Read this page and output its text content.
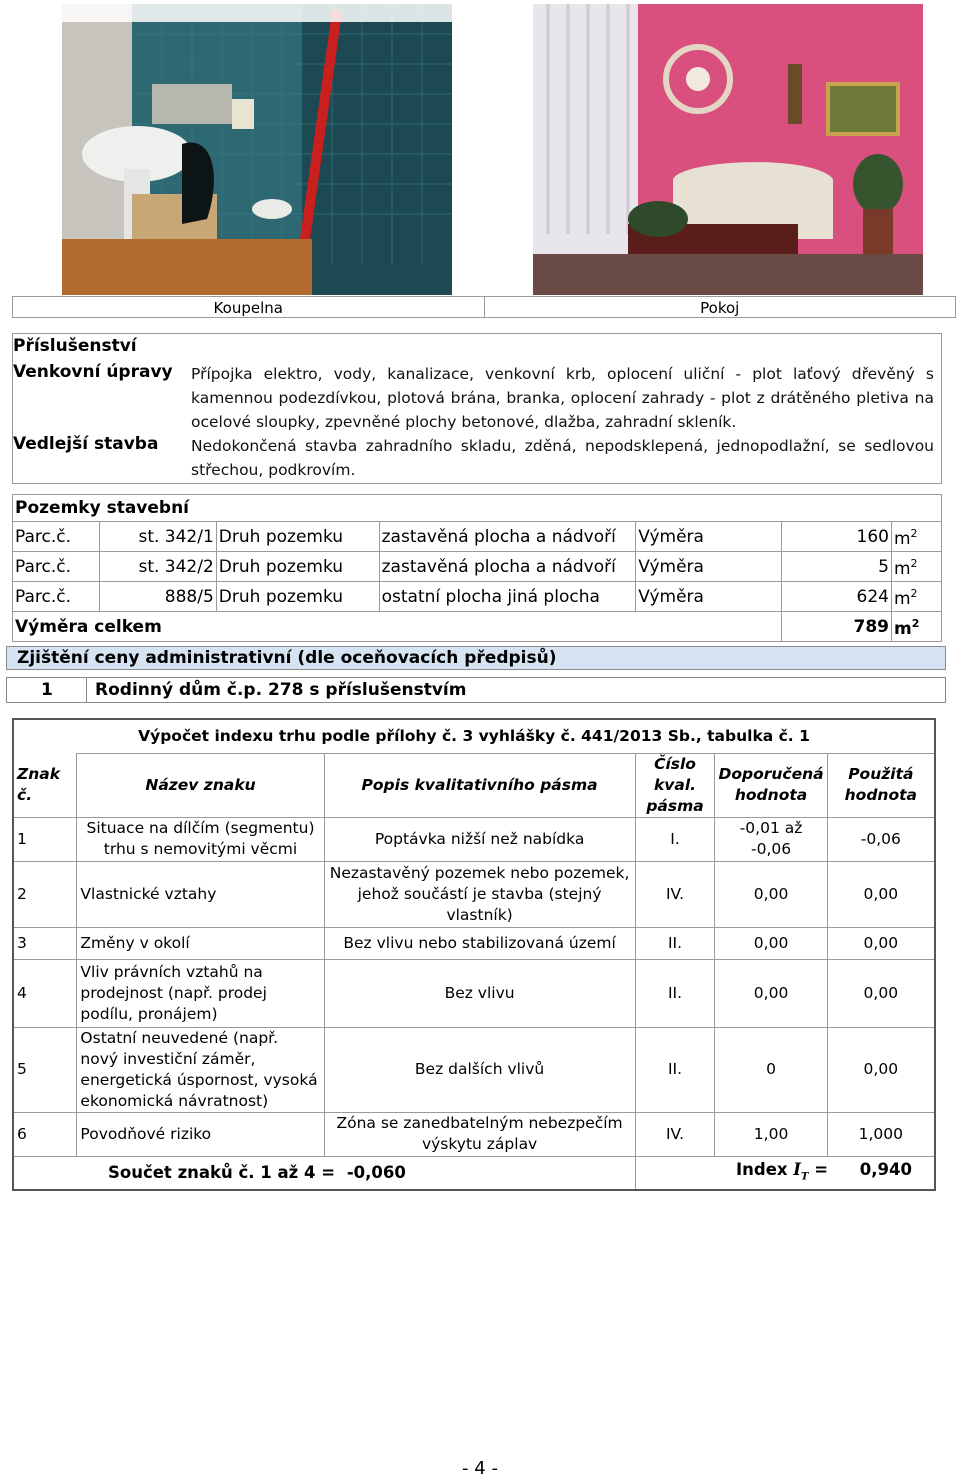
Koupelna	Pokoj
Příslušenství
Venkovní úpravy Přípojka elektro, vody, kanalizace, venkovní krb, oplocení uliční - plot laťový dřevěný s kamennou podezdívkou, plotová brána, branka, oplocení zahrady - plot z drátěného pletiva na ocelové sloupky, zpevněné plochy betonové, dlažba, zahradní skleník.
Vedlejší stavba Nedokončená stavba zahradního skladu, zděná, nepodsklepená, jednopodlažní, se sedlovou střechou, podkrovím.
Pozemky stavební						
Parc.č.	st. 342/1	Druh pozemku	zastavěná plocha a nádvoří	Výměra	160	$m^2$
Parc.č.	st. 342/2	Druh pozemku	zastavěná plocha a nádvoří	Výměra	5	$m^2$
Parc.č.	888/5	Druh pozemku	ostatní plocha jiná plocha	Výměra	624	$m^2$
Výměra celkem					789	$m^2$
Zjištění ceny administrativní (dle oceňovacích předpisů)
1	Rodinný dům č.p. 278 s příslušenstvím
Výpočet indexu trhu podle přílohy č. 3 vyhlášky č. 441/2013 Sb., tabulka č. 1					
Znak č.	Název znaku	Popis kvalitativního pásma	Číslo kval. pásma	Doporučená hodnota	Použitá hodnota
1	Situace na dílčím (segmentu) trhu s nemovitými věcmi	Poptávka nižší než nabídka	I.	-0,01 až -0,06	-0,06
2	Vlastnické vztahy	Nezastavěný pozemek nebo pozemek, jehož součástí je stavba (stejný vlastník)	IV.	0,00	0,00
3	Změny v okolí	Bez vlivu nebo stabilizovaná území	II.	0,00	0,00
4	Vliv právních vztahů na prodejnost (např. prodej podílu, pronájem)	Bez vlivu	II.	0,00	0,00
5	Ostatní neuvedené (např. nový investiční záměr, energetická úspornost, vysoká ekonomická návratnost)	Bez dalších vlivů	II.	0	0,00
6	Povodňové riziko	Zóna se zanedbatelným nebezpečím výskytu záplav	IV.	1,00	1,000
Součet znaků č. 1 až 4 = -0,060			Index $I_T = 0,940$		
- 4 -
